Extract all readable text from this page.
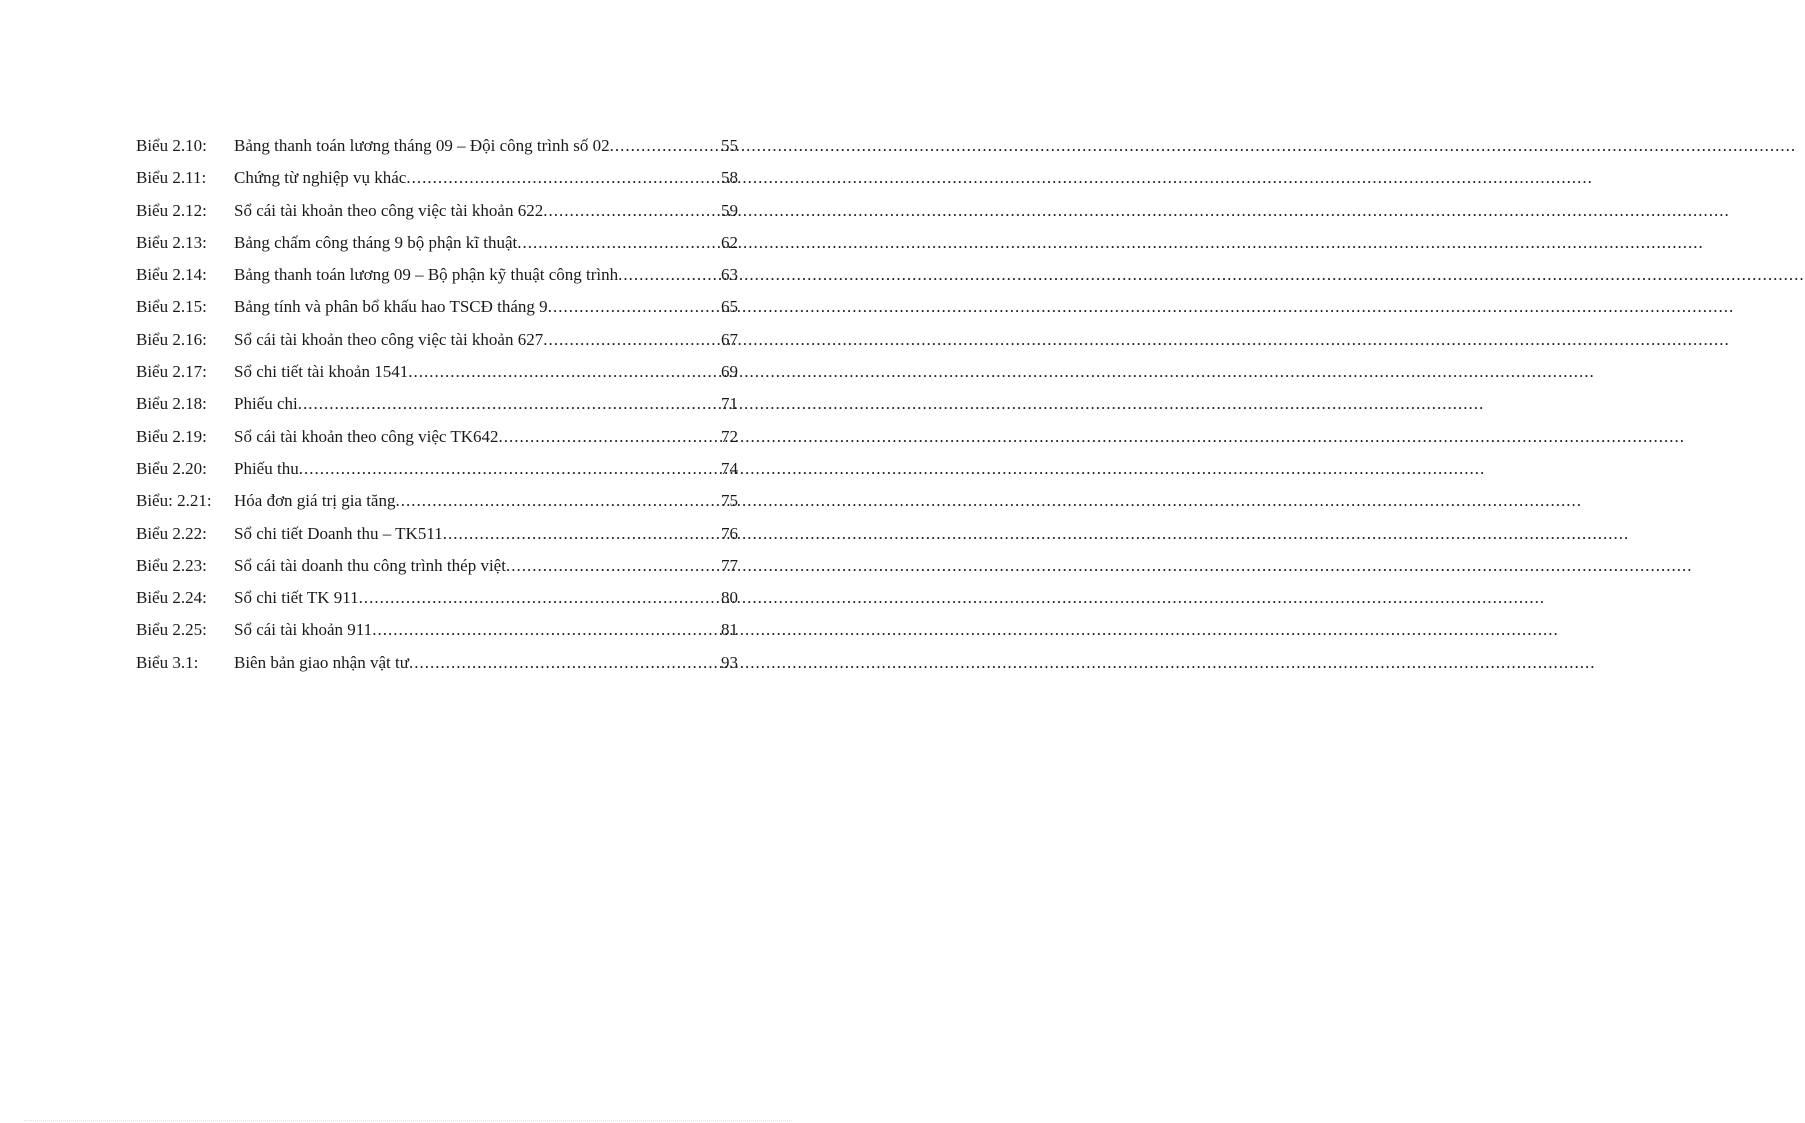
Biểu 2.10:	Bảng thanh toán lương tháng 09 – Đội công trình số 02 .....	55
Biểu 2.11:	Chứng từ nghiệp vụ khác .....	58
Biểu 2.12:	Sổ cái tài khoản theo công việc tài khoản 622 .....	59
Biểu 2.13:	Bảng chấm công tháng 9 bộ phận kĩ thuật .....	62
Biểu 2.14:	Bảng thanh toán lương 09 – Bộ phận kỹ thuật công trình .....	63
Biểu 2.15:	Bảng tính và phân bổ khấu hao TSCĐ tháng 9 .....	65
Biểu 2.16:	Sổ cái tài khoản theo công việc tài khoản 627 .....	67
Biểu 2.17:	Sổ chi tiết tài khoản 1541 .....	69
Biểu 2.18:	Phiếu chi .....	71
Biểu 2.19:	Sổ cái tài khoản theo công việc TK642 .....	72
Biểu 2.20:	Phiếu thu .....	74
Biểu: 2.21:	Hóa đơn giá trị gia tăng .....	75
Biểu 2.22:	Sổ chi tiết Doanh thu – TK511 .....	76
Biểu 2.23:	Sổ cái tài doanh thu công trình thép việt .....	77
Biểu 2.24:	Sổ chi tiết TK 911 .....	80
Biểu 2.25:	Sổ cái tài khoản 911 .....	81
Biểu 3.1:	Biên bản giao nhận vật tư .....	93
